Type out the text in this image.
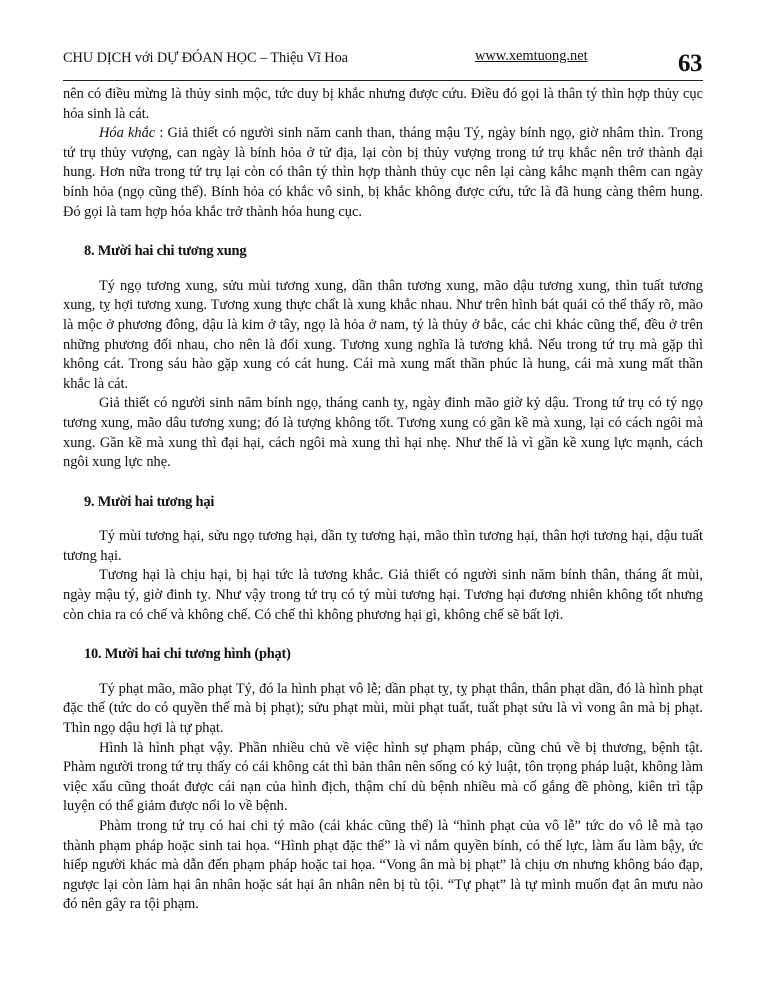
CHU DỊCH với DỰ ĐÓAN HỌC – Thiệu Vĩ Hoa	www.xemtuong.net	63

nên có điều mừng là thủy sinh mộc, tức duy bị khắc nhưng được cứu. Điều đó gọi là thân tý thìn hợp thủy cục hóa sinh là cát.

Hóa khắc : Giả thiết có người sinh năm canh than, tháng mậu Tý, ngày bính ngọ, giờ nhâm thìn. Trong tứ trụ thủy vượng, can ngày là bính hỏa ở tử địa, lại còn bị thủy vượng trong tứ trụ khắc nên trở thành đại hung. Hơn nữa trong tứ trụ lại còn có thân tý thìn hợp thành thủy cục nên lại càng kắhc mạnh thêm can ngày bính hỏa (ngọ cũng thế). Bính hỏa có khắc vô sinh, bị khắc không được cứu, tức là đã hung càng thêm hung. Đó gọi là tam hợp hóa khắc trở thành hóa hung cục.

8. Mười hai chi tương xung

Tý ngọ tương xung, sửu mùi tương xung, dần thân tương xung, mão dậu tương xung, thìn tuất tương xung, tỵ hợi tương xung. Tương xung thực chất là xung khắc nhau. Như trên hình bát quái có thể thấy rõ, mão là mộc ở phương đông, dậu là kim ở tây, ngọ là hỏa ở nam, tý là thủy ở bắc, các chi khác cũng thế, đều ở trên những phương đối nhau, cho nên là đối xung. Tương xung nghĩa là tương khắ. Nếu trong tứ trụ mà gặp thì không cát. Trong sáu hào gặp xung có cát hung. Cái mà xung mất thần phúc là hung, cái mà xung mất thần khắc là cát.

Giả thiết có người sinh năm bính ngọ, tháng canh tỵ, ngày đinh mão giờ kỷ dậu. Trong tứ trụ có tý ngọ tương xung, mão dâu tương xung; đó là tượng không tốt. Tương xung có gần kề mà xung, lại có cách ngôi mà xung. Gần kề mà xung thì đại hại, cách ngôi mà xung thì hại nhẹ. Như thế là vì gần kề xung lực mạnh, cách ngôi xung lực nhẹ.

9. Mười hai tương hại

Tý mùi tương hại, sửu ngọ tương hại, dần tỵ tương hại, mão thìn tương hại, thân hợi tương hại, dậu tuất tương hại.

Tương hại là chịu hại, bị hại tức là tương khắc. Giả thiết có người sinh năm bính thân, tháng ất mùi, ngày mậu tý, giờ đinh tỵ. Như vậy trong tứ trụ có tý mùi tương hại. Tương hại đương nhiên không tốt nhưng còn chia ra có chế và không chế. Có chế thì không phương hại gì, không chế sẽ bất lợi.

10. Mười hai chi tương hình (phạt)

Tý phạt mão, mão phạt Tý, đó la hình phạt vô lễ; dần phạt tỵ, tỵ phạt thân, thân phạt dần, đó là hình phạt đặc thế (tức do có quyền thế mà bị phạt); sửu phạt mùi, mùi phạt tuất, tuất phạt sửu là vì vong ân mà bị phạt. Thìn ngọ dậu hợi là tự phạt.

Hình là hình phạt vậy. Phần nhiều chủ về việc hình sự phạm pháp, cũng chủ về bị thương, bệnh tật. Phàm người trong tứ trụ thấy có cái không cát thì bản thân nên sống có kỷ luật, tôn trọng pháp luật, không làm việc xấu cũng thoát được cái nạn của hình địch, thậm chí dù bệnh nhiều mà cố gắng đề phòng, kiên trì tập luyện có thể giảm được nổi lo về bệnh.

Phàm trong tứ trụ có hai chi tý mão (cái khác cũng thế) là “hình phạt của vô lễ” tức do vô lễ mà tạo thành phạm pháp hoặc sinh tai họa. “Hình phạt đặc thế” là vì nắm quyền bính, có thế lực, làm ẩu làm bậy, ức hiếp người khác mà dẫn đến phạm pháp hoặc tai họa. “Vong ân mà bị phạt” là chịu ơn nhưng không báo đạp, ngược lại còn làm hại ân nhân hoặc sát hại ân nhân nên bị tù tội. “Tự phạt” là tự mình muốn đạt ân mưu nào đó nên gây ra tội phạm.
